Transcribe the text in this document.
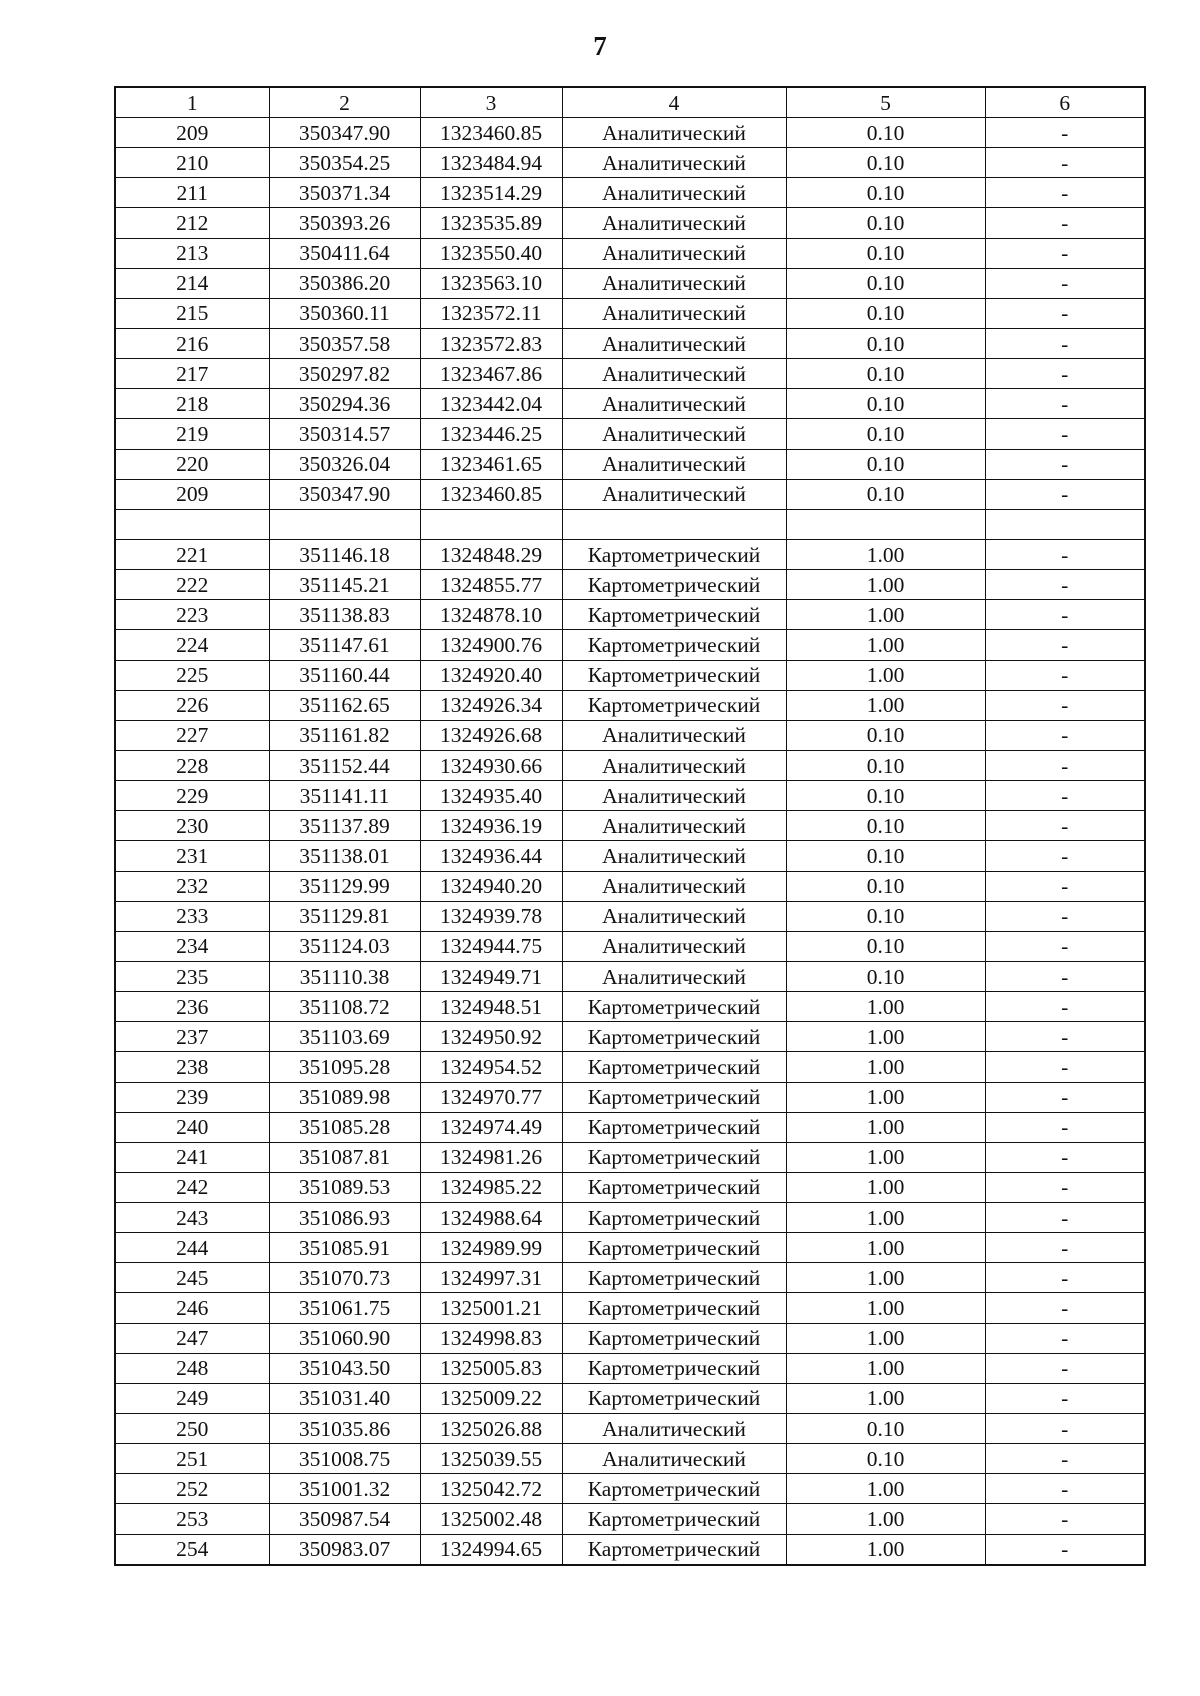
7
1	2	3	4	5	6
209	350347.90	1323460.85	Аналитический	0.10	-
210	350354.25	1323484.94	Аналитический	0.10	-
211	350371.34	1323514.29	Аналитический	0.10	-
212	350393.26	1323535.89	Аналитический	0.10	-
213	350411.64	1323550.40	Аналитический	0.10	-
214	350386.20	1323563.10	Аналитический	0.10	-
215	350360.11	1323572.11	Аналитический	0.10	-
216	350357.58	1323572.83	Аналитический	0.10	-
217	350297.82	1323467.86	Аналитический	0.10	-
218	350294.36	1323442.04	Аналитический	0.10	-
219	350314.57	1323446.25	Аналитический	0.10	-
220	350326.04	1323461.65	Аналитический	0.10	-
209	350347.90	1323460.85	Аналитический	0.10	-

221	351146.18	1324848.29	Картометрический	1.00	-
222	351145.21	1324855.77	Картометрический	1.00	-
223	351138.83	1324878.10	Картометрический	1.00	-
224	351147.61	1324900.76	Картометрический	1.00	-
225	351160.44	1324920.40	Картометрический	1.00	-
226	351162.65	1324926.34	Картометрический	1.00	-
227	351161.82	1324926.68	Аналитический	0.10	-
228	351152.44	1324930.66	Аналитический	0.10	-
229	351141.11	1324935.40	Аналитический	0.10	-
230	351137.89	1324936.19	Аналитический	0.10	-
231	351138.01	1324936.44	Аналитический	0.10	-
232	351129.99	1324940.20	Аналитический	0.10	-
233	351129.81	1324939.78	Аналитический	0.10	-
234	351124.03	1324944.75	Аналитический	0.10	-
235	351110.38	1324949.71	Аналитический	0.10	-
236	351108.72	1324948.51	Картометрический	1.00	-
237	351103.69	1324950.92	Картометрический	1.00	-
238	351095.28	1324954.52	Картометрический	1.00	-
239	351089.98	1324970.77	Картометрический	1.00	-
240	351085.28	1324974.49	Картометрический	1.00	-
241	351087.81	1324981.26	Картометрический	1.00	-
242	351089.53	1324985.22	Картометрический	1.00	-
243	351086.93	1324988.64	Картометрический	1.00	-
244	351085.91	1324989.99	Картометрический	1.00	-
245	351070.73	1324997.31	Картометрический	1.00	-
246	351061.75	1325001.21	Картометрический	1.00	-
247	351060.90	1324998.83	Картометрический	1.00	-
248	351043.50	1325005.83	Картометрический	1.00	-
249	351031.40	1325009.22	Картометрический	1.00	-
250	351035.86	1325026.88	Аналитический	0.10	-
251	351008.75	1325039.55	Аналитический	0.10	-
252	351001.32	1325042.72	Картометрический	1.00	-
253	350987.54	1325002.48	Картометрический	1.00	-
254	350983.07	1324994.65	Картометрический	1.00	-
